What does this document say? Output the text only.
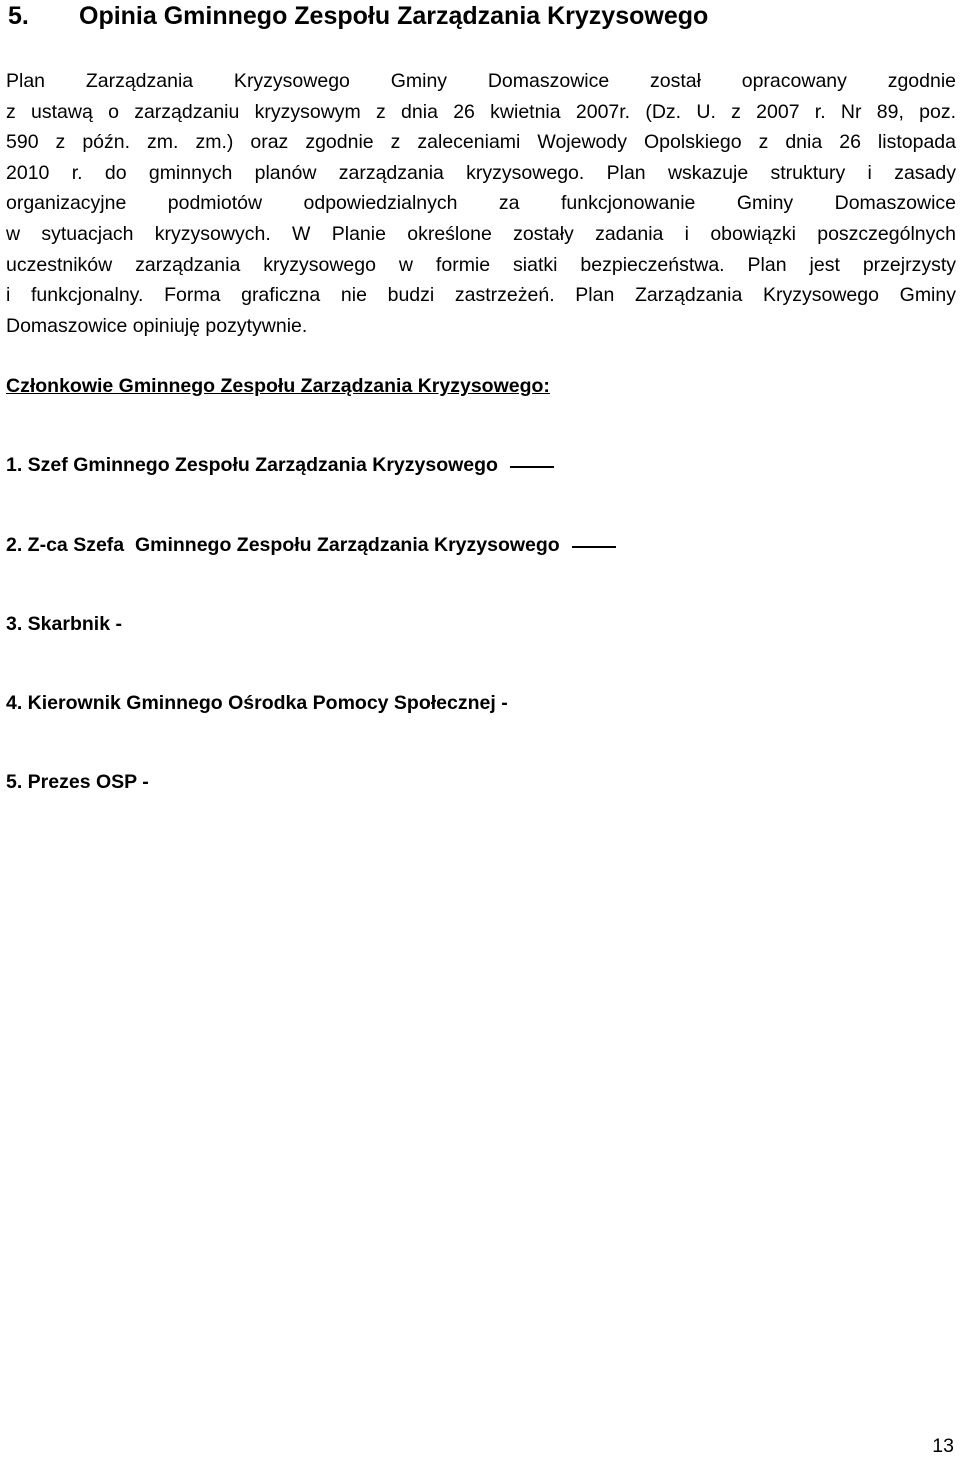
5. Opinia Gminnego Zespołu Zarządzania Kryzysowego
Plan Zarządzania Kryzysowego Gminy Domaszowice został opracowany zgodnie
z ustawą o zarządzaniu kryzysowym z dnia 26 kwietnia 2007r. (Dz. U. z 2007 r. Nr 89, poz.
590 z późn. zm. zm.) oraz zgodnie z zaleceniami Wojewody Opolskiego z dnia 26 listopada
2010 r. do gminnych planów zarządzania kryzysowego. Plan wskazuje struktury i zasady
organizacyjne podmiotów odpowiedzialnych za funkcjonowanie Gminy Domaszowice
w sytuacjach kryzysowych. W Planie określone zostały zadania i obowiązki poszczególnych
uczestników zarządzania kryzysowego w formie siatki bezpieczeństwa. Plan jest przejrzysty
i funkcjonalny. Forma graficzna nie budzi zastrzeżeń. Plan Zarządzania Kryzysowego Gminy
Domaszowice opiniuję pozytywnie.
Członkowie Gminnego Zespołu Zarządzania Kryzysowego:
1. Szef Gminnego Zespołu Zarządzania Kryzysowego
2. Z-ca Szefa  Gminnego Zespołu Zarządzania Kryzysowego
3. Skarbnik -
4. Kierownik Gminnego Ośrodka Pomocy Społecznej -
5. Prezes OSP -
13
